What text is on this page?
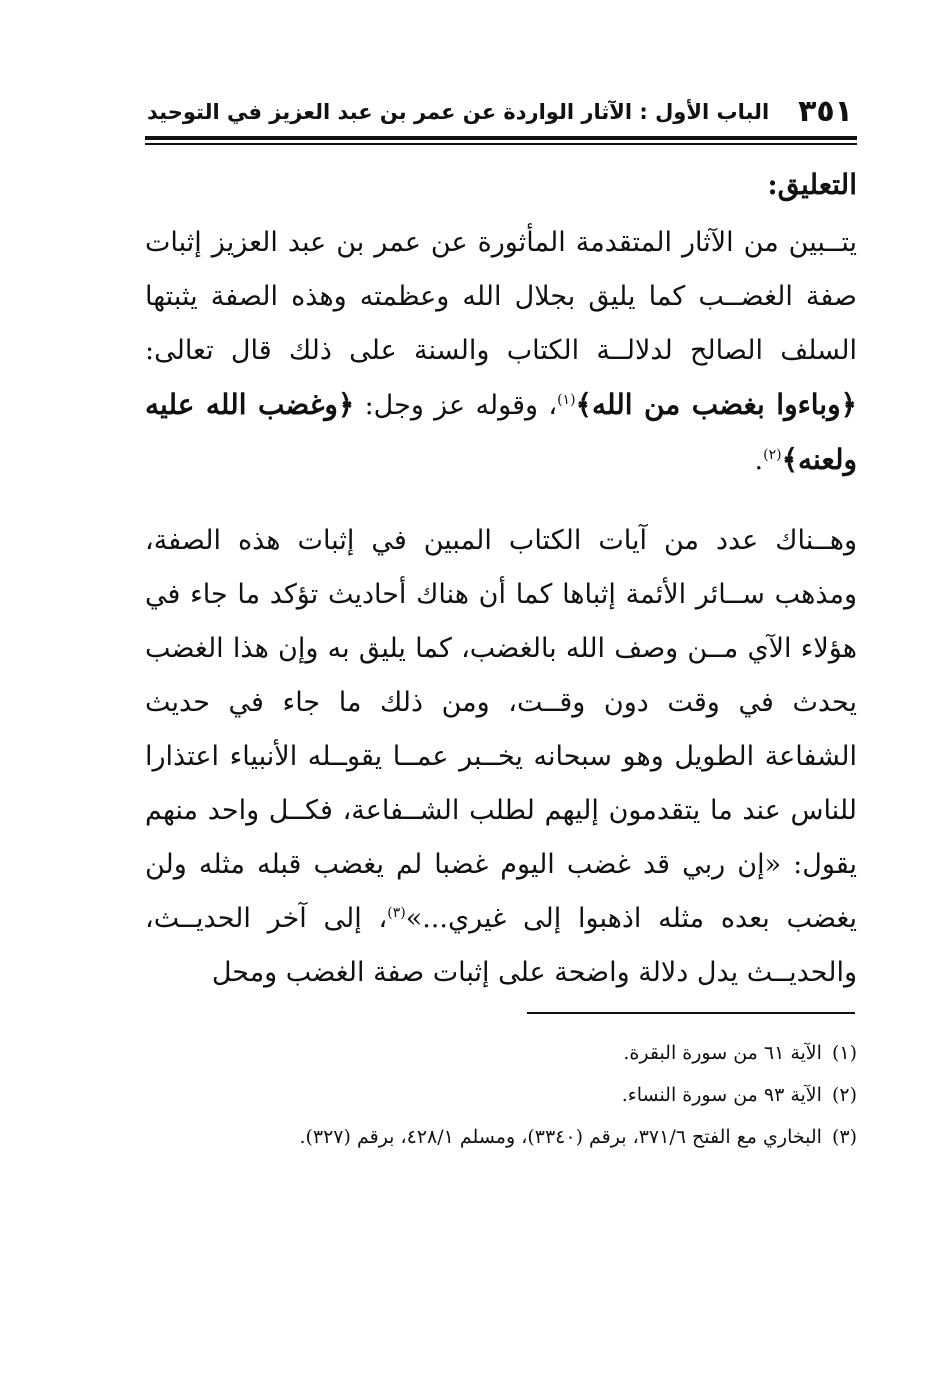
٣٥١
الباب الأول : الآثار الواردة عن عمر بن عبد العزيز في التوحيد
التعليق:

يتــبين من الآثار المتقدمة المأثورة عن عمر بن عبد العزيز إثبات صفة الغضــب كما يليق بجلال الله وعظمته وهذه الصفة يثبتها السلف الصالح لدلالــة الكتاب والسنة على ذلك قال تعالى: ﴿وباءوا بغضب من الله﴾$^{(١)}$، وقوله عز وجل: ﴿وغضب الله عليه ولعنه﴾$^{(٢)}$.

وهــناك عدد من آيات الكتاب المبين في إثبات هذه الصفة، ومذهب ســائر الأئمة إثباها كما أن هناك أحاديث تؤكد ما جاء في هؤلاء الآي مــن وصف الله بالغضب، كما يليق به وإن هذا الغضب يحدث في وقت دون وقــت، ومن ذلك ما جاء في حديث الشفاعة الطويل وهو سبحانه يخــبر عمــا يقوــله الأنبياء اعتذارا للناس عند ما يتقدمون إليهم لطلب الشــفاعة، فكــل واحد منهم يقول: «إن ربي قد غضب اليوم غضبا لم يغضب قبله مثله ولن يغضب بعده مثله اذهبوا إلى غيري...»$^{(٣)}$، إلى آخر الحديــث، والحديــث يدل دلالة واضحة على إثبات صفة الغضب ومحل

(١)الآية ٦١ من سورة البقرة.
(٢)الآية ٩٣ من سورة النساء.
(٣)البخاري مع الفتح ٣٧١/٦، برقم (٣٣٤٠)، ومسلم ٤٢٨/١، برقم (٣٢٧).
